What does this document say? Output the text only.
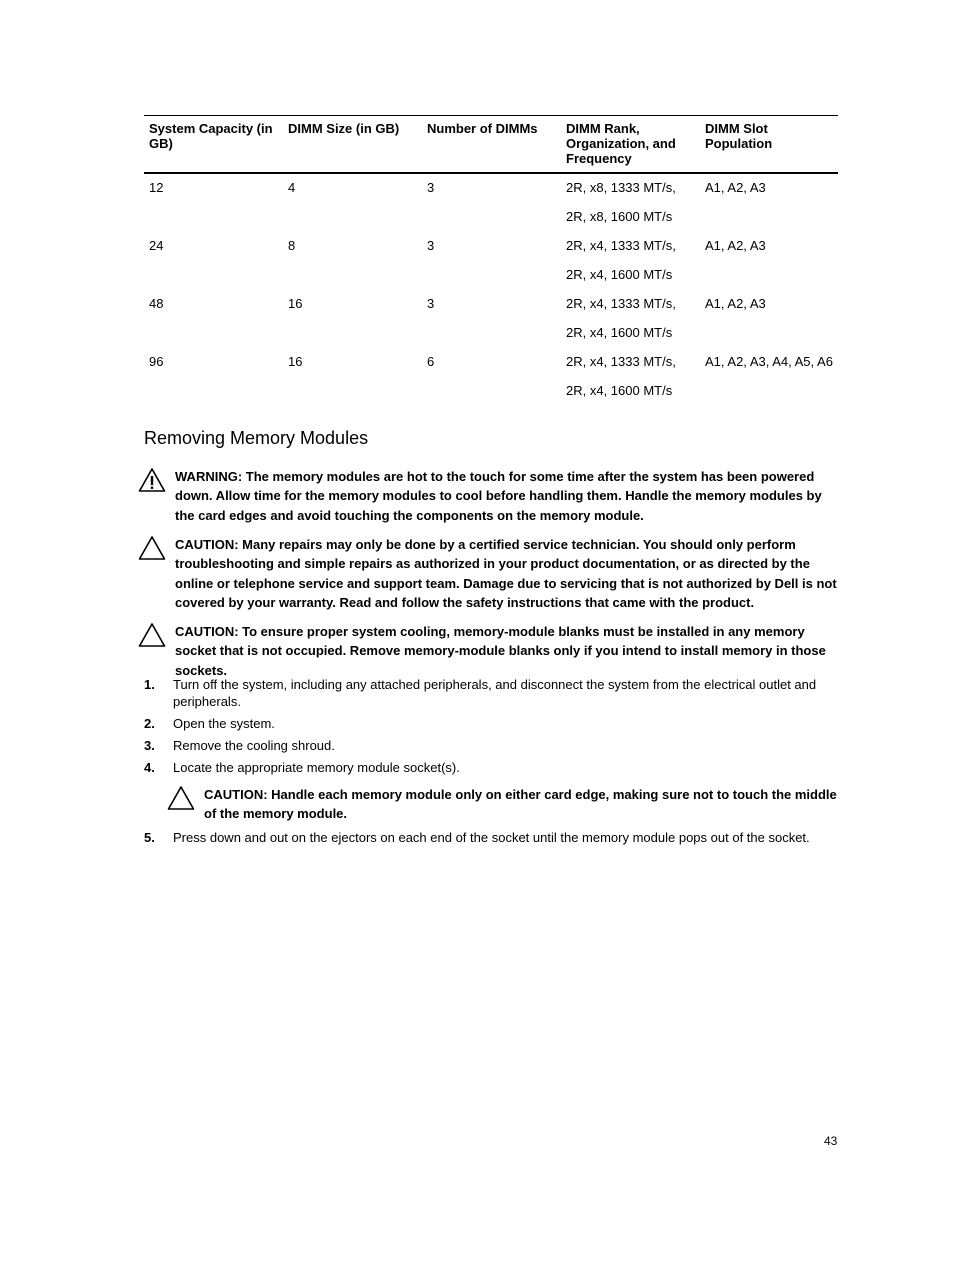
System Capacity (in GB)	DIMM Size (in GB)	Number of DIMMs	DIMM Rank, Organization, and Frequency	DIMM Slot Population
12	4	3	2R, x8, 1333 MT/s,	A1, A2, A3
			2R, x8, 1600 MT/s	
24	8	3	2R, x4, 1333 MT/s,	A1, A2, A3
			2R, x4, 1600 MT/s	
48	16	3	2R, x4, 1333 MT/s,	A1, A2, A3
			2R, x4, 1600 MT/s	
96	16	6	2R, x4, 1333 MT/s,	A1, A2, A3, A4, A5, A6
			2R, x4, 1600 MT/s	
Removing Memory Modules
WARNING: The memory modules are hot to the touch for some time after the system has been powered down. Allow time for the memory modules to cool before handling them. Handle the memory modules by the card edges and avoid touching the components on the memory module.
CAUTION: Many repairs may only be done by a certified service technician. You should only perform troubleshooting and simple repairs as authorized in your product documentation, or as directed by the online or telephone service and support team. Damage due to servicing that is not authorized by Dell is not covered by your warranty. Read and follow the safety instructions that came with the product.
CAUTION: To ensure proper system cooling, memory-module blanks must be installed in any memory socket that is not occupied. Remove memory-module blanks only if you intend to install memory in those sockets.
1. Turn off the system, including any attached peripherals, and disconnect the system from the electrical outlet and peripherals.
2. Open the system.
3. Remove the cooling shroud.
4. Locate the appropriate memory module socket(s).
CAUTION: Handle each memory module only on either card edge, making sure not to touch the middle of the memory module.
5. Press down and out on the ejectors on each end of the socket until the memory module pops out of the socket.
43
